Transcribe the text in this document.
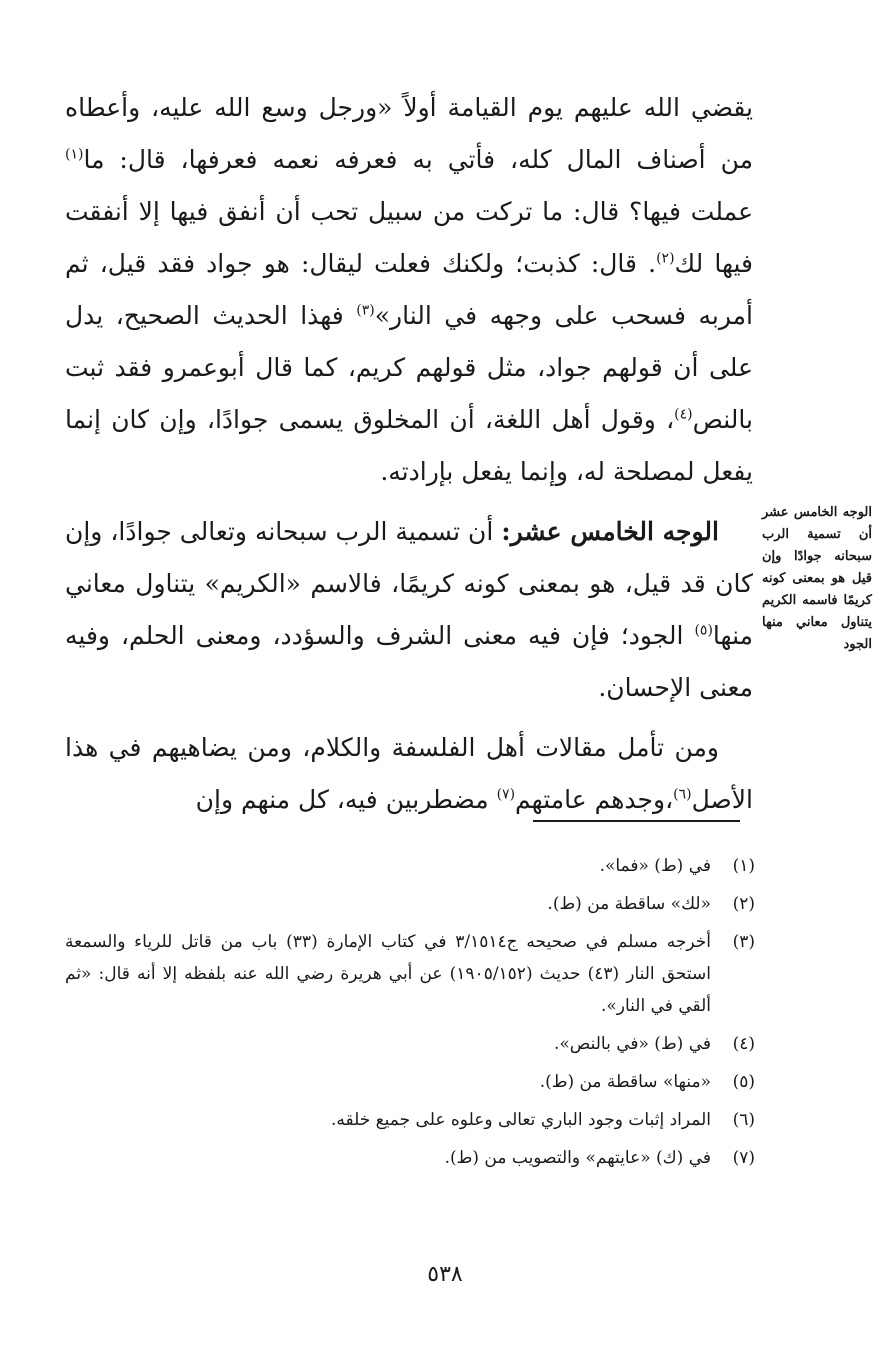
يقضي الله عليهم يوم القيامة أولاً «ورجل وسع الله عليه، وأعطاه من أصناف المال كله، فأتي به فعرفه نعمه فعرفها، قال: ما$^{(١)}$ عملت فيها؟ قال: ما تركت من سبيل تحب أن أنفق فيها إلا أنفقت فيها لك$^{(٢)}$. قال: كذبت؛ ولكنك فعلت ليقال: هو جواد فقد قيل، ثم أمربه فسحب على وجهه في النار»$^{(٣)}$ فهذا الحديث الصحيح، يدل على أن قولهم جواد، مثل قولهم كريم، كما قال أبوعمرو فقد ثبت بالنص$^{(٤)}$، وقول أهل اللغة، أن المخلوق يسمى جوادًا، وإن كان إنما يفعل لمصلحة له، وإنما يفعل بإرادته.

الوجه الخامس عشر: أن تسمية الرب سبحانه وتعالى جوادًا، وإن كان قد قيل، هو بمعنى كونه كريمًا، فالاسم «الكريم» يتناول معاني منها$^{(٥)}$ الجود؛ فإن فيه معنى الشرف والسؤدد، ومعنى الحلم، وفيه معنى الإحسان.

ومن تأمل مقالات أهل الفلسفة والكلام، ومن يضاهيهم في هذا الأصل$^{(٦)}$،وجدهم عامتهم$^{(٧)}$ مضطربين فيه، كل منهم وإن

الوجه الخامس عشر أن تسمية الرب سبحانه جوادًا وإن قيل هو بمعنى كونه كريمًا فاسمه الكريم يتناول معاني منها الجود
(١)
في (ط) «فما».
(٢)
«لك» ساقطة من (ط).
(٣)
أخرجه مسلم في صحيحه ج٣/١٥١٤ في كتاب الإمارة (٣٣) باب من قاتل للرياء والسمعة استحق النار (٤٣) حديث (١٩٠٥/١٥٢) عن أبي هريرة رضي الله عنه بلفظه إلا أنه قال: «ثم ألقي في النار».
(٤)
في (ط) «في بالنص».
(٥)
«منها» ساقطة من (ط).
(٦)
المراد إثبات وجود الباري تعالى وعلوه على جميع خلقه.
(٧)
في (ك) «عايتهم» والتصويب من (ط).
٥٣٨
